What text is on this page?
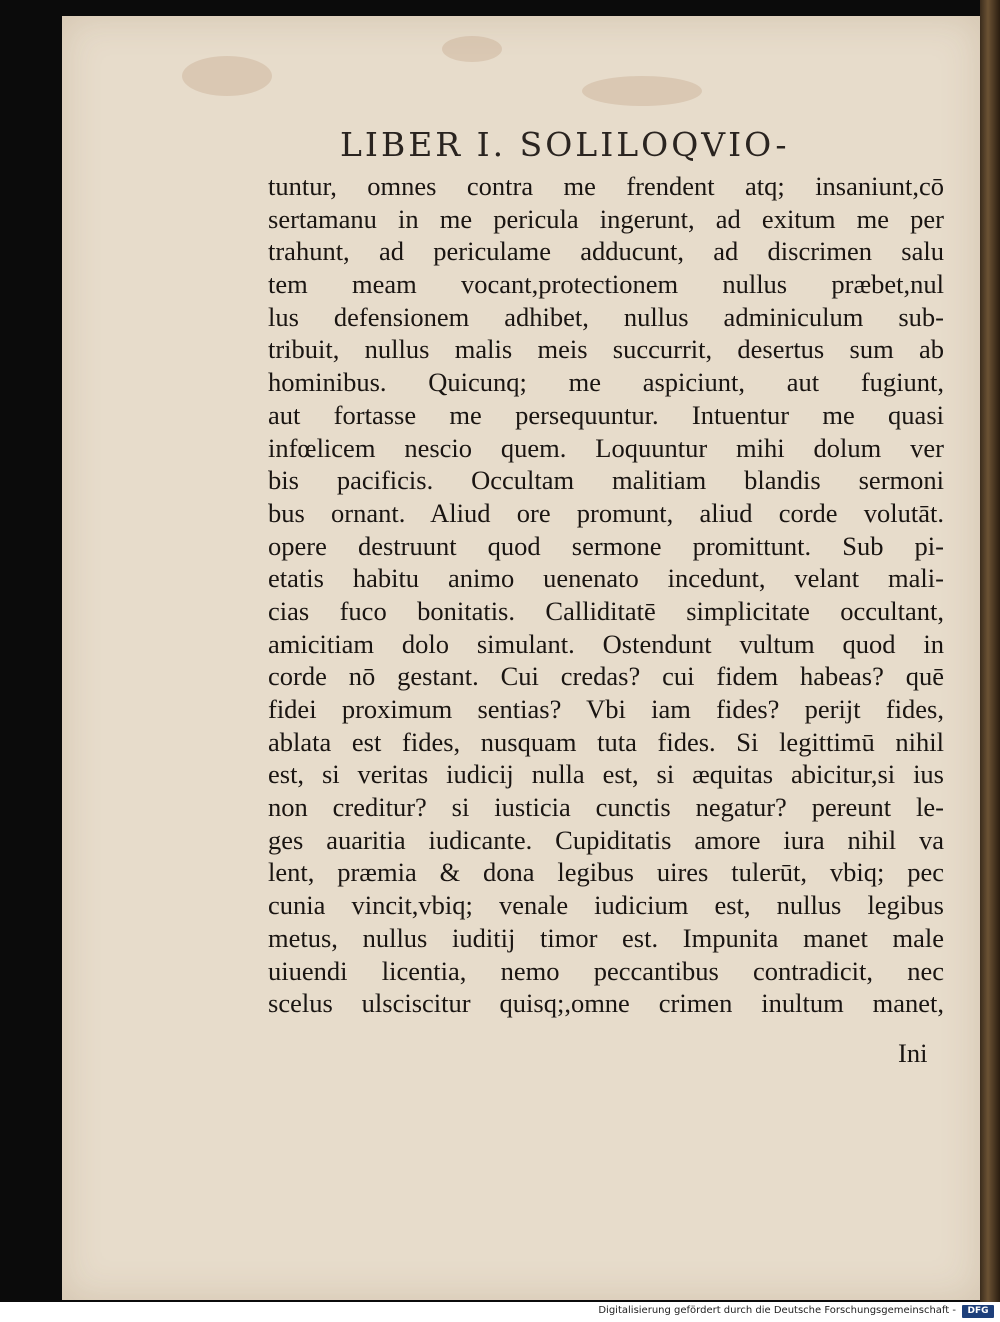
LIBER I. SOLILOQVIO-
tuntur, omnes contra me frendent atq; insaniunt,cō
sertamanu in me pericula ingerunt, ad exitum me per
trahunt, ad periculame adducunt, ad discrimen salu
tem meam vocant,protectionem nullus præbet,nul
lus defensionem adhibet, nullus adminiculum sub-
tribuit, nullus malis meis succurrit, desertus sum ab
hominibus. Quicunq; me aspiciunt, aut fugiunt,
aut fortasse me persequuntur. Intuentur me quasi
infœlicem nescio quem. Loquuntur mihi dolum ver
bis pacificis. Occultam malitiam blandis sermoni
bus ornant. Aliud ore promunt, aliud corde volutāt.
opere destruunt quod sermone promittunt. Sub pi-
etatis habitu animo uenenato incedunt, velant mali-
cias fuco bonitatis. Calliditatē simplicitate occultant,
amicitiam dolo simulant. Ostendunt vultum quod in
corde nō gestant. Cui credas? cui fidem habeas? quē
fidei proximum sentias? Vbi iam fides? perijt fides,
ablata est fides, nusquam tuta fides. Si legittimū nihil
est, si veritas iudicij nulla est, si æquitas abicitur,si ius
non creditur? si iusticia cunctis negatur? pereunt le-
ges auaritia iudicante. Cupiditatis amore iura nihil va
lent, præmia & dona legibus uires tulerūt, vbiq; pec
cunia vincit,vbiq; venale iudicium est, nullus legibus
metus, nullus iuditij timor est. Impunita manet male
uiuendi licentia, nemo peccantibus contradicit, nec
scelus ulsciscitur quisq;,omne crimen inultum manet,
Ini
Digitalisierung gefördert durch die Deutsche Forschungsgemeinschaft -	DFG
